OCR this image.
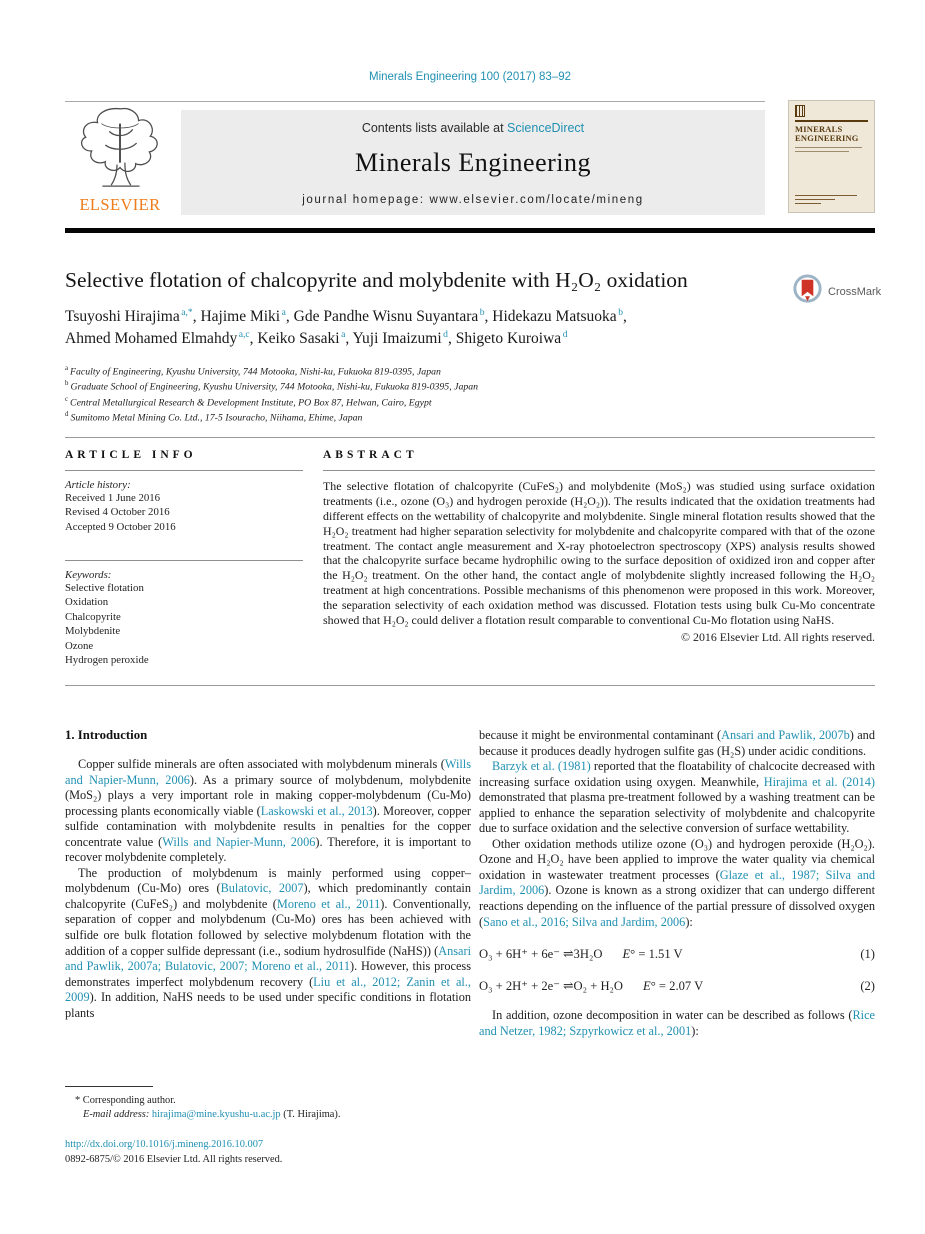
Minerals Engineering 100 (2017) 83–92
ELSEVIER
Contents lists available at ScienceDirect
Minerals Engineering
journal homepage: www.elsevier.com/locate/mineng
MINERALS
ENGINEERING
Selective flotation of chalcopyrite and molybdenite with H₂O₂ oxidation	CrossMark
Tsuyoshi Hirajima $^{a,*}$, Hajime Miki $^a$, Gde Pandhe Wisnu Suyantara $^b$, Hidekazu Matsuoka $^b$,
Ahmed Mohamed Elmahdy $^{a,c}$, Keiko Sasaki $^a$, Yuji Imaizumi $^d$, Shigeto Kuroiwa $^d$
$^a$ Faculty of Engineering, Kyushu University, 744 Motooka, Nishi-ku, Fukuoka 819-0395, Japan
$^b$ Graduate School of Engineering, Kyushu University, 744 Motooka, Nishi-ku, Fukuoka 819-0395, Japan
$^c$ Central Metallurgical Research & Development Institute, PO Box 87, Helwan, Cairo, Egypt
$^d$ Sumitomo Metal Mining Co. Ltd., 17-5 Isouracho, Niihama, Ehime, Japan
ARTICLE INFO
Article history:
Received 1 June 2016
Revised 4 October 2016
Accepted 9 October 2016
Keywords:
Selective flotation
Oxidation
Chalcopyrite
Molybdenite
Ozone
Hydrogen peroxide
ABSTRACT
The selective flotation of chalcopyrite (CuFeS₂) and molybdenite (MoS₂) was studied using surface oxidation treatments (i.e., ozone (O₃) and hydrogen peroxide (H₂O₂)). The results indicated that the oxidation treatments had different effects on the wettability of chalcopyrite and molybdenite. Single mineral flotation results showed that the H₂O₂ treatment had higher separation selectivity for molybdenite and chalcopyrite compared with that of the ozone treatment. The contact angle measurement and X-ray photoelectron spectroscopy (XPS) analysis results showed that the chalcopyrite surface became hydrophilic owing to the surface deposition of oxidized iron and copper after the H₂O₂ treatment. On the other hand, the contact angle of molybdenite slightly increased following the H₂O₂ treatment at high concentrations. Possible mechanisms of this phenomenon were proposed in this work. Moreover, the separation selectivity of each oxidation method was discussed. Flotation tests using bulk Cu-Mo concentrate showed that H₂O₂ could deliver a flotation result comparable to conventional Cu-Mo flotation using NaHS.
© 2016 Elsevier Ltd. All rights reserved.
1. Introduction

Copper sulfide minerals are often associated with molybdenum minerals (Wills and Napier-Munn, 2006). As a primary source of molybdenum, molybdenite (MoS₂) plays a very important role in making copper-molybdenum (Cu-Mo) processing plants economically viable (Laskowski et al., 2013). Moreover, copper sulfide contamination with molybdenite results in penalties for the copper concentrate value (Wills and Napier-Munn, 2006). Therefore, it is important to recover molybdenite completely.

The production of molybdenum is mainly performed using copper–molybdenum (Cu-Mo) ores (Bulatovic, 2007), which predominantly contain chalcopyrite (CuFeS₂) and molybdenite (Moreno et al., 2011). Conventionally, separation of copper and molybdenum (Cu-Mo) ores has been achieved with sulfide ore bulk flotation followed by selective molybdenum flotation with the addition of a copper sulfide depressant (i.e., sodium hydrosulfide (NaHS)) (Ansari and Pawlik, 2007a; Bulatovic, 2007; Moreno et al., 2011). However, this process demonstrates imperfect molybdenum recovery (Liu et al., 2012; Zanin et al., 2009). In addition, NaHS needs to be used under specific conditions in flotation plants

because it might be environmental contaminant (Ansari and Pawlik, 2007b) and because it produces deadly hydrogen sulfite gas (H₂S) under acidic conditions.

Barzyk et al. (1981) reported that the floatability of chalcocite decreased with increasing surface oxidation using oxygen. Meanwhile, Hirajima et al. (2014) demonstrated that plasma pre-treatment followed by a washing treatment can be applied to enhance the separation selectivity of molybdenite and chalcopyrite due to surface oxidation and the selective conversion of surface wettability.

Other oxidation methods utilize ozone (O₃) and hydrogen peroxide (H₂O₂). Ozone and H₂O₂ have been applied to improve the water quality via chemical oxidation in wastewater treatment processes (Glaze et al., 1987; Silva and Jardim, 2006). Ozone is known as a strong oxidizer that can undergo different reactions depending on the influence of the partial pressure of dissolved oxygen (Sano et al., 2016; Silva and Jardim, 2006):

O₃ + 6H⁺ + 6e⁻ ⇌3H₂O E° = 1.51 V	(1)
O₃ + 2H⁺ + 2e⁻ ⇌O₂ + H₂O E° = 2.07 V	(2)

In addition, ozone decomposition in water can be described as follows (Rice and Netzer, 1982; Szpyrkowicz et al., 2001):

* Corresponding author.
E-mail address: hirajima@mine.kyushu-u.ac.jp (T. Hirajima).
http://dx.doi.org/10.1016/j.mineng.2016.10.007
0892-6875/© 2016 Elsevier Ltd. All rights reserved.
